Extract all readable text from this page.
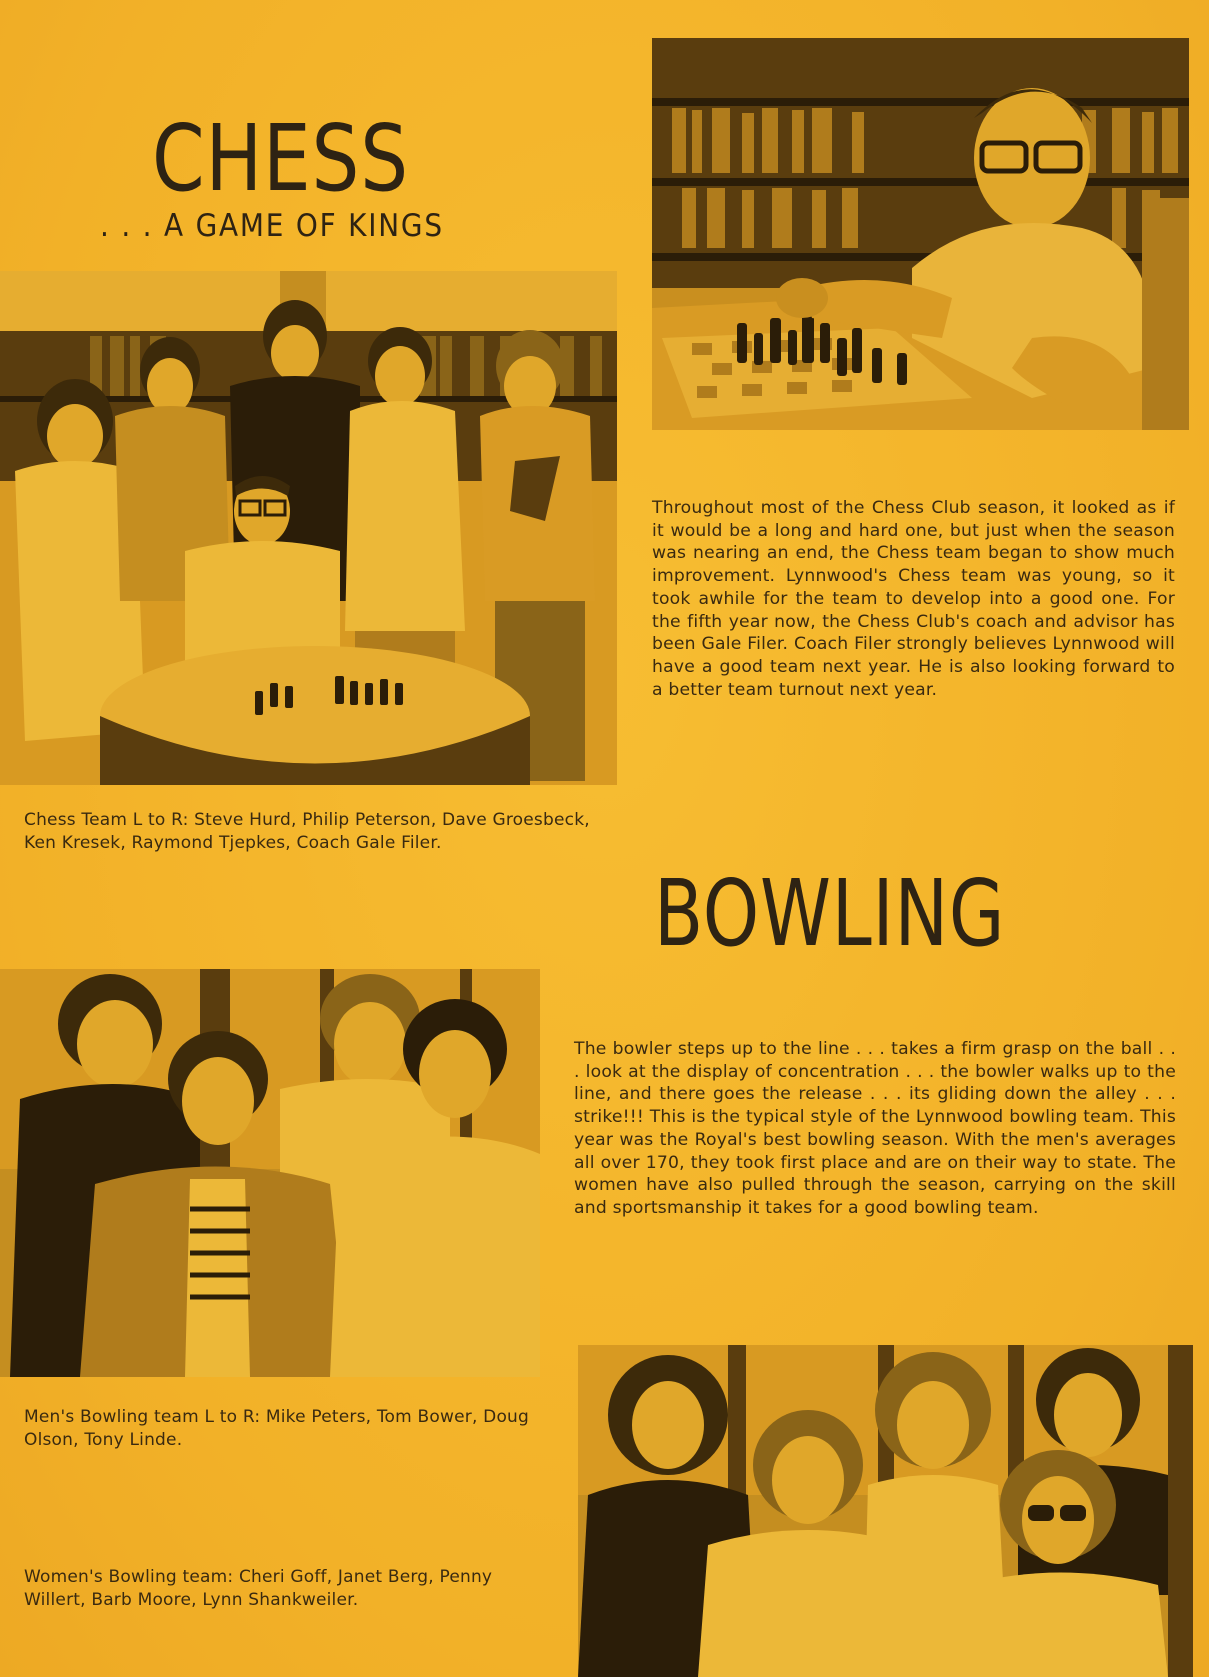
CHESS
. . . A GAME OF KINGS

Throughout most of the Chess Club season, it looked as if it would be a long and hard one, but just when the season was nearing an end, the Chess team began to show much improvement. Lynnwood's Chess team was young, so it took awhile for the team to develop into a good one. For the fifth year now, the Chess Club's coach and advisor has been Gale Filer. Coach Filer strongly believes Lynnwood will have a good team next year. He is also looking forward to a better team turnout next year.

Chess Team L to R: Steve Hurd, Philip Peterson, Dave Groesbeck, Ken Kresek, Raymond Tjepkes, Coach Gale Filer.

BOWLING

The bowler steps up to the line . . . takes a firm grasp on the ball . . . look at the display of concentration . . . the bowler walks up to the line, and there goes the release . . . its gliding down the alley . . . strike!!! This is the typical style of the Lynnwood bowling team. This year was the Royal's best bowling season. With the men's averages all over 170, they took first place and are on their way to state. The women have also pulled through the season, carrying on the skill and sportsmanship it takes for a good bowling team.

Men's Bowling team L to R: Mike Peters, Tom Bower, Doug Olson, Tony Linde.

Women's Bowling team: Cheri Goff, Janet Berg, Penny Willert, Barb Moore, Lynn Shankweiler.
